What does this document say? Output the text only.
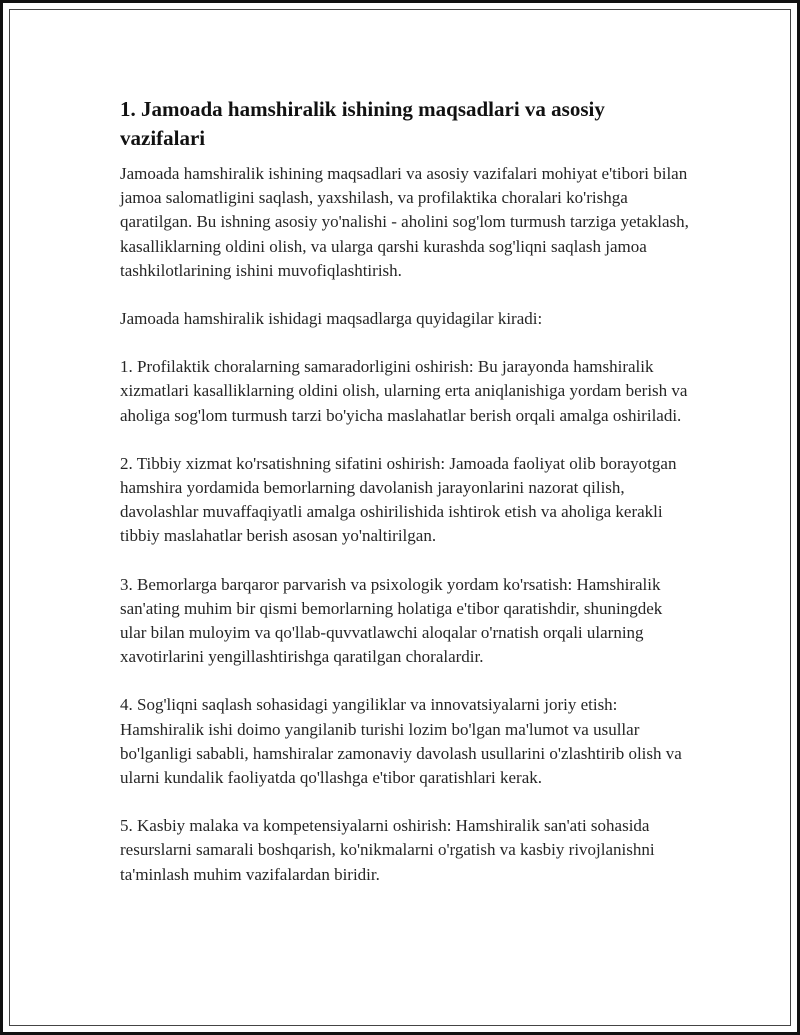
1. Jamoada hamshiralik ishining maqsadlari va asosiy vazifalari

Jamoada hamshiralik ishining maqsadlari va asosiy vazifalari mohiyat e'tibori bilan jamoa salomatligini saqlash, yaxshilash, va profilaktika choralari ko'rishga qaratilgan. Bu ishning asosiy yo'nalishi - aholini sog'lom turmush tarziga yetaklash, kasalliklarning oldini olish, va ularga qarshi kurashda sog'liqni saqlash jamoa tashkilotlarining ishini muvofiqlashtirish.

Jamoada hamshiralik ishidagi maqsadlarga quyidagilar kiradi:

1. Profilaktik choralarning samaradorligini oshirish: Bu jarayonda hamshiralik xizmatlari kasalliklarning oldini olish, ularning erta aniqlanishiga yordam berish va aholiga sog'lom turmush tarzi bo'yicha maslahatlar berish orqali amalga oshiriladi.

2. Tibbiy xizmat ko'rsatishning sifatini oshirish: Jamoada faoliyat olib borayotgan hamshira yordamida bemorlarning davolanish jarayonlarini nazorat qilish, davolashlar muvaffaqiyatli amalga oshirilishida ishtirok etish va aholiga kerakli tibbiy maslahatlar berish asosan yo'naltirilgan.

3. Bemorlarga barqaror parvarish va psixologik yordam ko'rsatish: Hamshiralik san'ating muhim bir qismi bemorlarning holatiga e'tibor qaratishdir, shuningdek ular bilan muloyim va qo'llab-quvvatlawchi aloqalar o'rnatish orqali ularning xavotirlarini yengillashtirishga qaratilgan choralardir.

4. Sog'liqni saqlash sohasidagi yangiliklar va innovatsiyalarni joriy etish: Hamshiralik ishi doimo yangilanib turishi lozim bo'lgan ma'lumot va usullar bo'lganligi sababli, hamshiralar zamonaviy davolash usullarini o'zlashtirib olish va ularni kundalik faoliyatda qo'llashga e'tibor qaratishlari kerak.

5. Kasbiy malaka va kompetensiyalarni oshirish: Hamshiralik san'ati sohasida resurslarni samarali boshqarish, ko'nikmalarni o'rgatish va kasbiy rivojlanishni ta'minlash muhim vazifalardan biridir.
